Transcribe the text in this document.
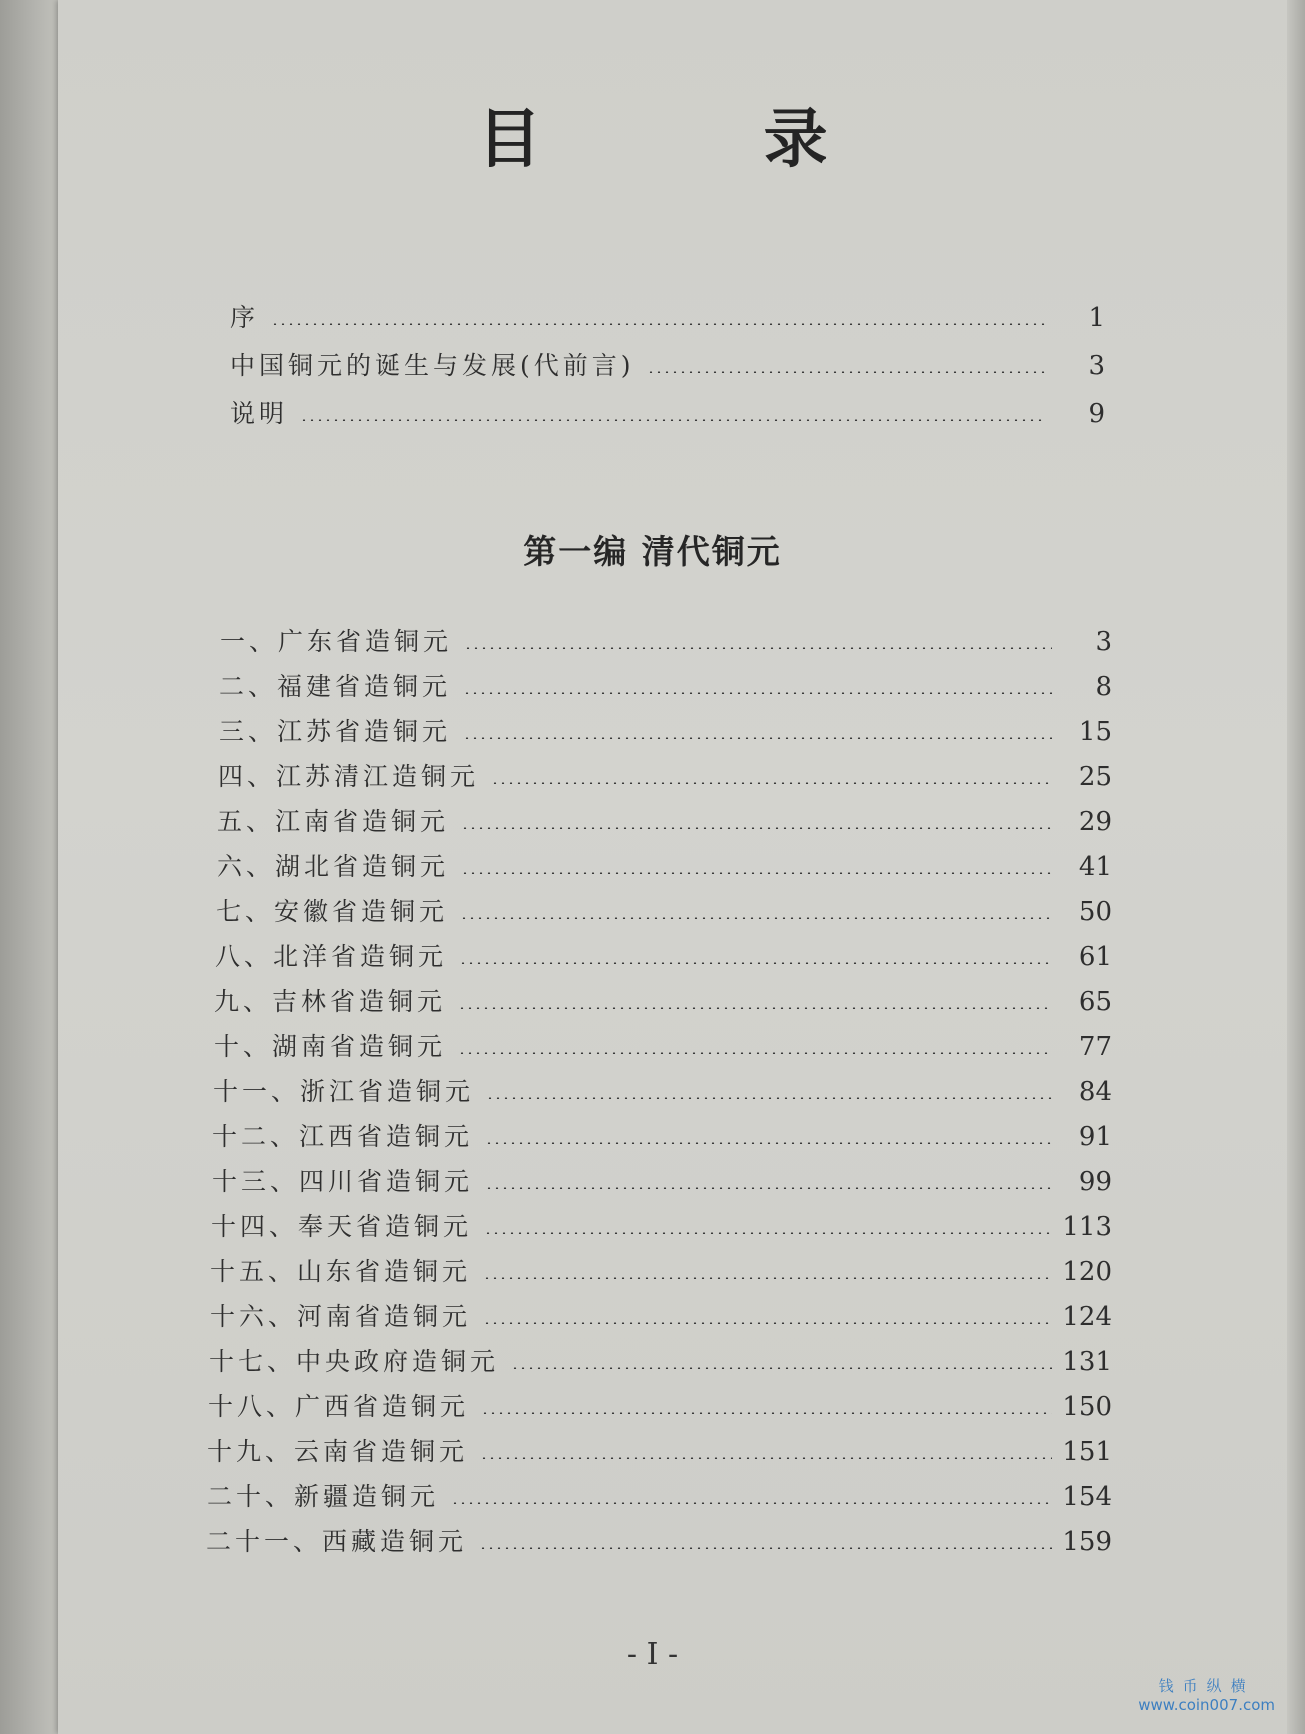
目 录
序	1
中国铜元的诞生与发展(代前言)	3
说明	9
第一编 清代铜元
一、广东省造铜元	3
二、福建省造铜元	8
三、江苏省造铜元	15
四、江苏清江造铜元	25
五、江南省造铜元	29
六、湖北省造铜元	41
七、安徽省造铜元	50
八、北洋省造铜元	61
九、吉林省造铜元	65
十、湖南省造铜元	77
十一、浙江省造铜元	84
十二、江西省造铜元	91
十三、四川省造铜元	99
十四、奉天省造铜元	113
十五、山东省造铜元	120
十六、河南省造铜元	124
十七、中央政府造铜元	131
十八、广西省造铜元	150
十九、云南省造铜元	151
二十、新疆造铜元	154
二十一、西藏造铜元	159
- I -
钱币纵横
www.coin007.com
